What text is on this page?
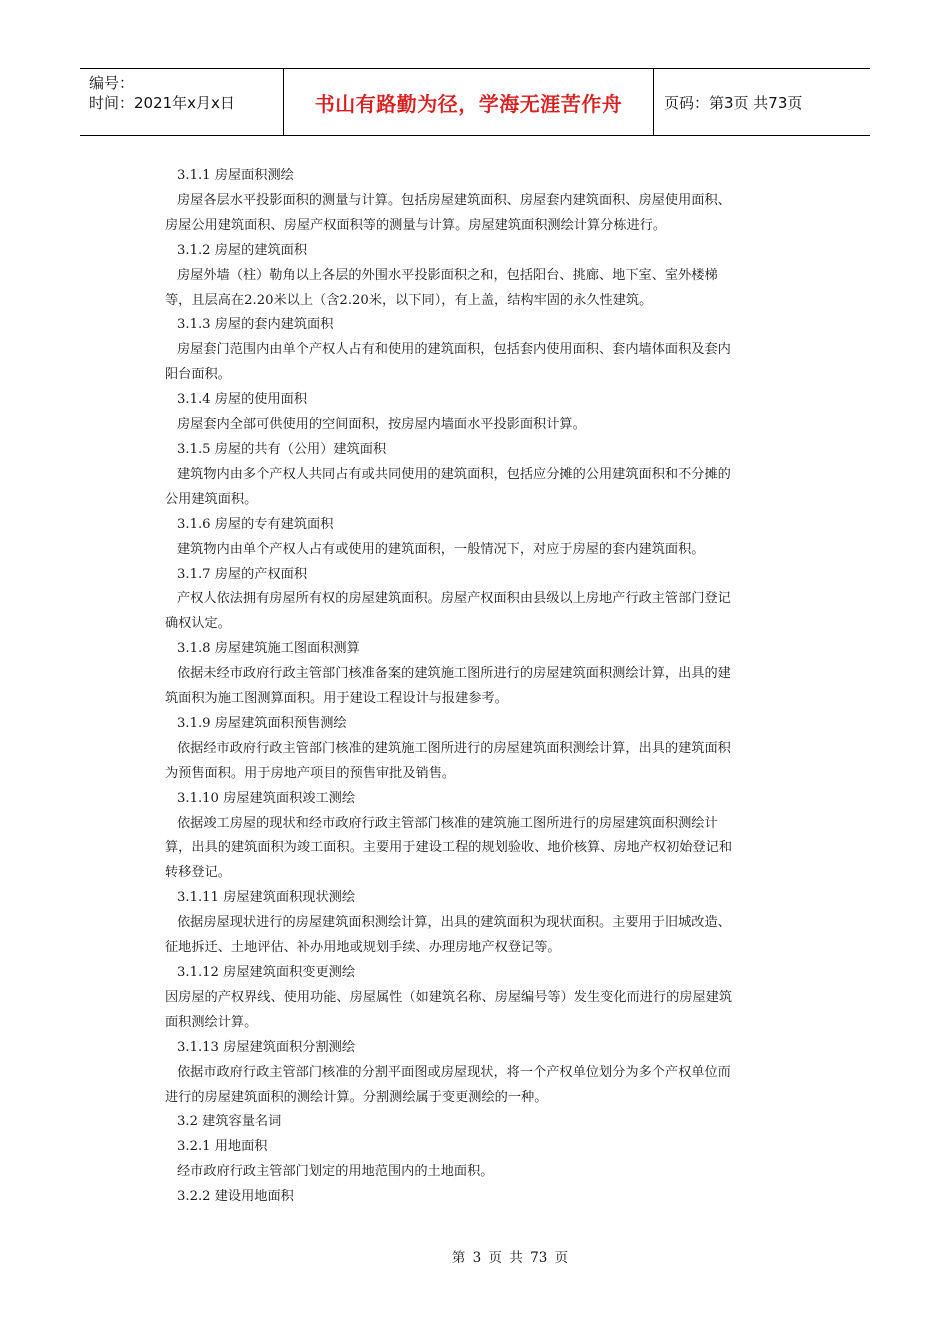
编号：
时间：2021年x月x日	书山有路勤为径，学海无涯苦作舟	页码：第3页 共73页

3.1.1 房屋面积测绘

房屋各层水平投影面积的测量与计算。包括房屋建筑面积、房屋套内建筑面积、房屋使用面积、

房屋公用建筑面积、房屋产权面积等的测量与计算。房屋建筑面积测绘计算分栋进行。

3.1.2 房屋的建筑面积

房屋外墙（柱）勒角以上各层的外围水平投影面积之和，包括阳台、挑廊、地下室、室外楼梯

等，且层高在2.20米以上（含2.20米，以下同），有上盖，结构牢固的永久性建筑。

3.1.3 房屋的套内建筑面积

房屋套门范围内由单个产权人占有和使用的建筑面积，包括套内使用面积、套内墙体面积及套内

阳台面积。

3.1.4 房屋的使用面积

房屋套内全部可供使用的空间面积，按房屋内墙面水平投影面积计算。

3.1.5 房屋的共有（公用）建筑面积

建筑物内由多个产权人共同占有或共同使用的建筑面积，包括应分摊的公用建筑面积和不分摊的

公用建筑面积。

3.1.6 房屋的专有建筑面积

建筑物内由单个产权人占有或使用的建筑面积，一般情况下，对应于房屋的套内建筑面积。

3.1.7 房屋的产权面积

产权人依法拥有房屋所有权的房屋建筑面积。房屋产权面积由县级以上房地产行政主管部门登记

确权认定。

3.1.8 房屋建筑施工图面积测算

依据未经市政府行政主管部门核准备案的建筑施工图所进行的房屋建筑面积测绘计算，出具的建

筑面积为施工图测算面积。用于建设工程设计与报建参考。

3.1.9 房屋建筑面积预售测绘

依据经市政府行政主管部门核准的建筑施工图所进行的房屋建筑面积测绘计算，出具的建筑面积

为预售面积。用于房地产项目的预售审批及销售。

3.1.10 房屋建筑面积竣工测绘

依据竣工房屋的现状和经市政府行政主管部门核准的建筑施工图所进行的房屋建筑面积测绘计

算，出具的建筑面积为竣工面积。主要用于建设工程的规划验收、地价核算、房地产权初始登记和

转移登记。

3.1.11 房屋建筑面积现状测绘

依据房屋现状进行的房屋建筑面积测绘计算，出具的建筑面积为现状面积。主要用于旧城改造、

征地拆迁、土地评估、补办用地或规划手续、办理房地产权登记等。

3.1.12 房屋建筑面积变更测绘

因房屋的产权界线、使用功能、房屋属性（如建筑名称、房屋编号等）发生变化而进行的房屋建筑

面积测绘计算。

3.1.13 房屋建筑面积分割测绘

依据市政府行政主管部门核准的分割平面图或房屋现状，将一个产权单位划分为多个产权单位而

进行的房屋建筑面积的测绘计算。分割测绘属于变更测绘的一种。

3.2 建筑容量名词

3.2.1 用地面积

经市政府行政主管部门划定的用地范围内的土地面积。

3.2.2 建设用地面积

第 3 页 共 73 页
